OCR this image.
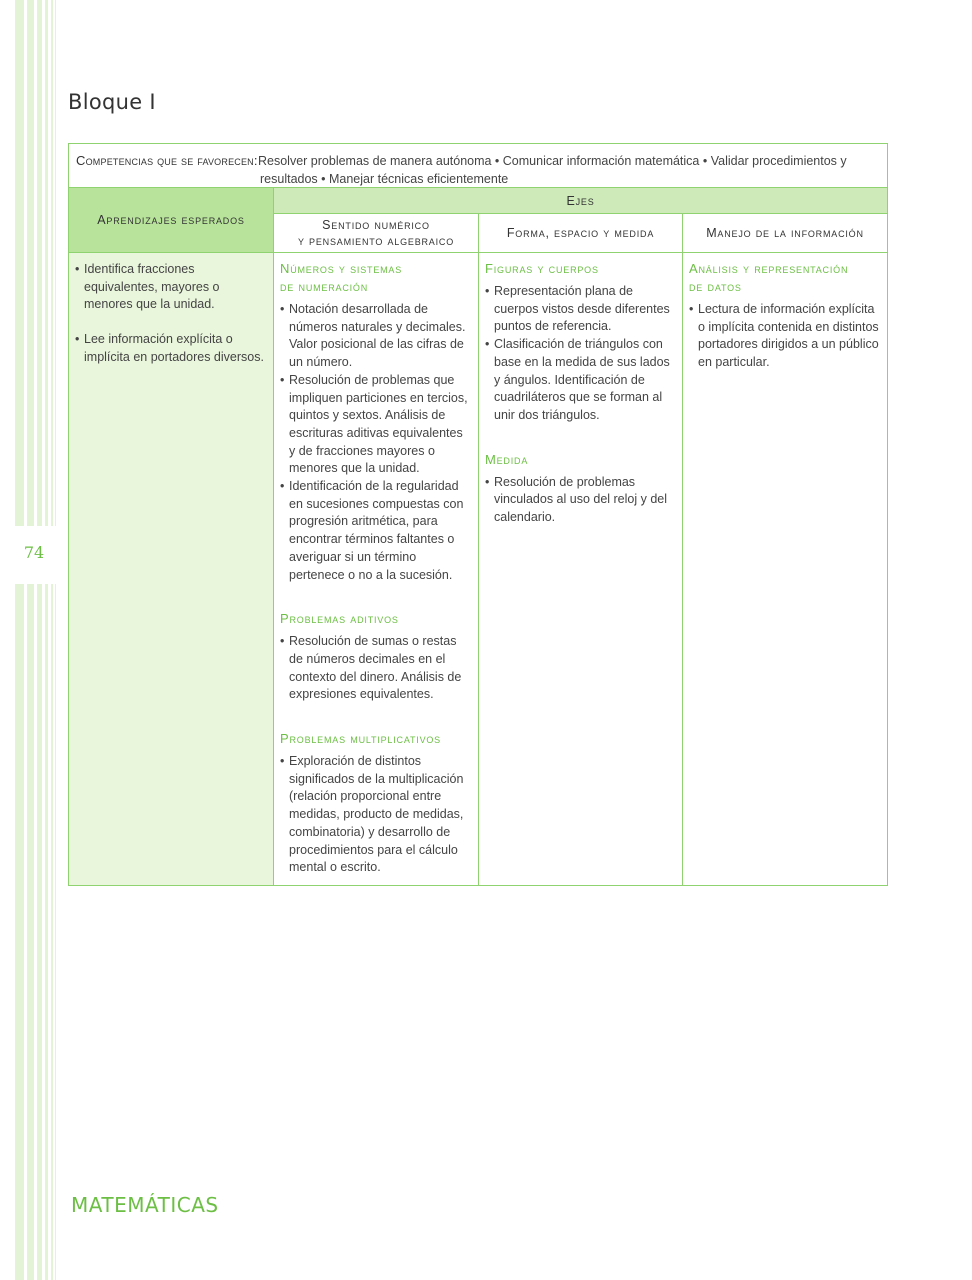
74
Bloque I
Competencias que se favorecen: Resolver problemas de manera autónoma • Comunicar información matemática • Validar procedimientos y resultados • Manejar técnicas eficientemente
Aprendizajes esperados
Ejes
Sentido numérico
y pensamiento algebraico
Forma, espacio y medida	Manejo de la información
• Identifica fracciones equivalentes, mayores o menores que la unidad.
• Lee información explícita o implícita en portadores diversos.
Números y sistemas
de numeración
• Notación desarrollada de números naturales y decimales. Valor posicional de las cifras de un número.
• Resolución de problemas que impliquen particiones en tercios, quintos y sextos. Análisis de escrituras aditivas equivalentes y de fracciones mayores o menores que la unidad.
• Identificación de la regularidad en sucesiones compuestas con progresión aritmética, para encontrar términos faltantes o averiguar si un término pertenece o no a la sucesión.
Problemas aditivos
• Resolución de sumas o restas de números decimales en el contexto del dinero. Análisis de expresiones equivalentes.
Problemas multiplicativos
• Exploración de distintos significados de la multiplicación (relación proporcional entre medidas, producto de medidas, combinatoria) y desarrollo de procedimientos para el cálculo mental o escrito.
Figuras y cuerpos
• Representación plana de cuerpos vistos desde diferentes puntos de referencia.
• Clasificación de triángulos con base en la medida de sus lados y ángulos. Identificación de cuadriláteros que se forman al unir dos triángulos.
Medida
• Resolución de problemas vinculados al uso del reloj y del calendario.
Análisis y representación
de datos
• Lectura de información explícita o implícita contenida en distintos portadores dirigidos a un público en particular.
MATEMÁTICAS
